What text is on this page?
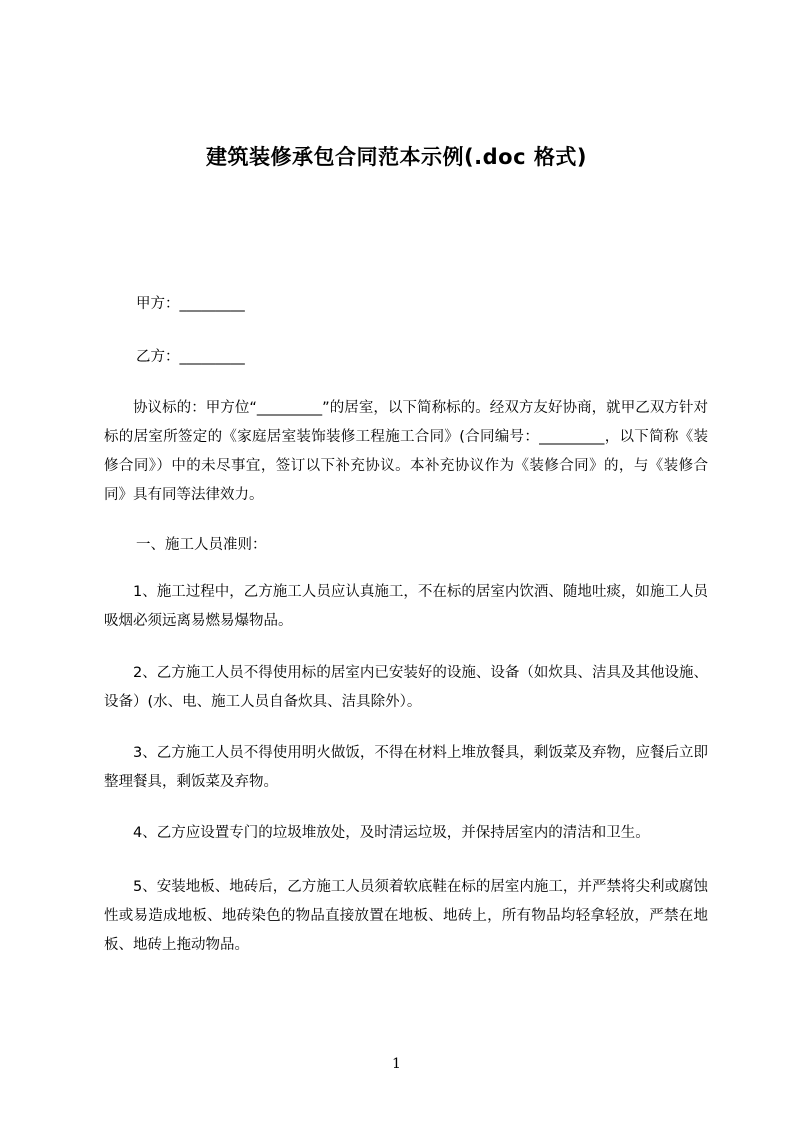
建筑装修承包合同范本示例(.doc 格式)
甲方：_________
乙方：_________
协议标的：甲方位“_________”的居室，以下简称标的。经双方友好协商，就甲乙双方针对标的居室所签定的《家庭居室装饰装修工程施工合同》(合同编号：_________，以下简称《装修合同》）中的未尽事宜，签订以下补充协议。本补充协议作为《装修合同》的，与《装修合同》具有同等法律效力。
一、施工人员准则：
1、施工过程中，乙方施工人员应认真施工，不在标的居室内饮酒、随地吐痰，如施工人员吸烟必须远离易燃易爆物品。
2、乙方施工人员不得使用标的居室内已安装好的设施、设备（如炊具、洁具及其他设施、设备）(水、电、施工人员自备炊具、洁具除外）。
3、乙方施工人员不得使用明火做饭，不得在材料上堆放餐具，剩饭菜及弃物，应餐后立即整理餐具，剩饭菜及弃物。
4、乙方应设置专门的垃圾堆放处，及时清运垃圾，并保持居室内的清洁和卫生。
5、安装地板、地砖后，乙方施工人员须着软底鞋在标的居室内施工，并严禁将尖利或腐蚀性或易造成地板、地砖染色的物品直接放置在地板、地砖上，所有物品均轻拿轻放，严禁在地板、地砖上拖动物品。
1
